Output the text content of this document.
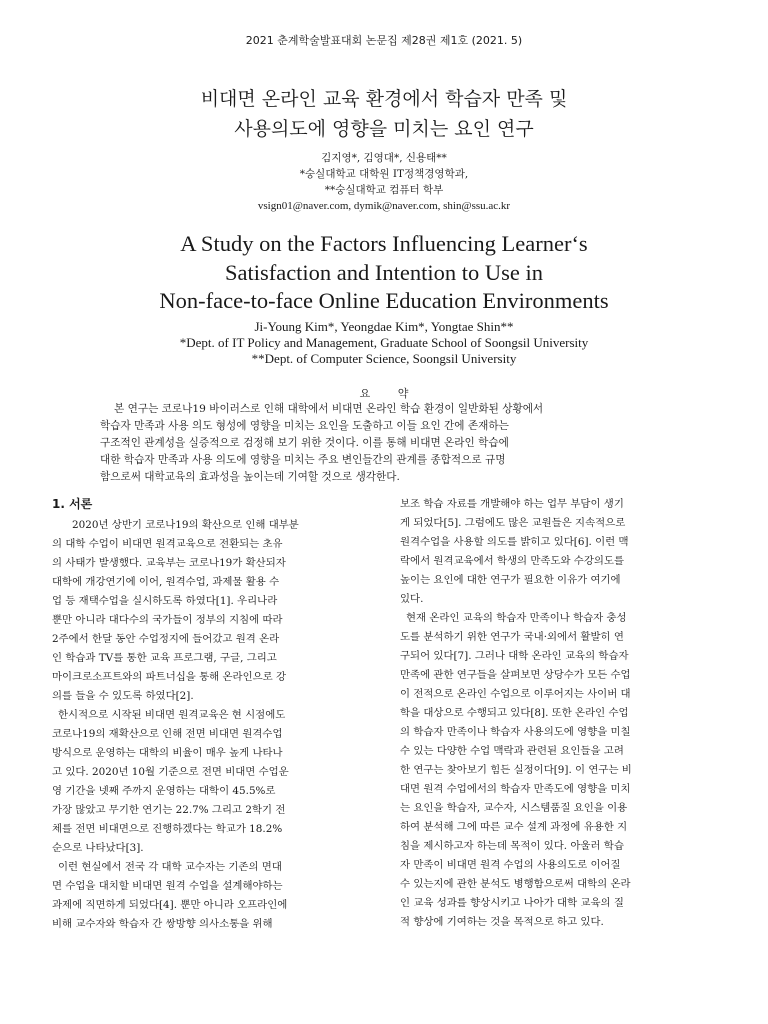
2021 춘계학술발표대회 논문집 제28권 제1호 (2021. 5)
비대면 온라인 교육 환경에서 학습자 만족 및
사용의도에 영향을 미치는 요인 연구
김지영*, 김영대*, 신용태**
*숭실대학교 대학원 IT정책경영학과,
**숭실대학교 컴퓨터 학부
vsign01@naver.com, dymik@naver.com, shin@ssu.ac.kr
A Study on the Factors Influencing Learner‘s
Satisfaction and Intention to Use in
Non-face-to-face Online Education Environments
Ji-Young Kim*, Yeongdae Kim*, Yongtae Shin**
*Dept. of IT Policy and Management, Graduate School of Soongsil University
**Dept. of Computer Science, Soongsil University
요 약
본 연구는 코로나19 바이러스로 인해 대학에서 비대면 온라인 학습 환경이 일반화된 상황에서
학습자 만족과 사용 의도 형성에 영향을 미치는 요인을 도출하고 이들 요인 간에 존재하는
구조적인 관계성을 실증적으로 검정해 보기 위한 것이다. 이를 통해 비대면 온라인 학습에
대한 학습자 만족과 사용 의도에 영향을 미치는 주요 변인들간의 관계를 종합적으로 규명
함으로써 대학교육의 효과성을 높이는데 기여할 것으로 생각한다.
1. 서론

2020년 상반기 코로나19의 확산으로 인해 대부분
의 대학 수업이 비대면 원격교육으로 전환되는 초유
의 사태가 발생했다. 교육부는 코로나19가 확산되자
대학에 개강연기에 이어, 원격수업, 과제물 활용 수
업 등 재택수업을 실시하도록 하였다[1]. 우리나라
뿐만 아니라 대다수의 국가들이 정부의 지침에 따라
2주에서 한달 동안 수업정지에 들어갔고 원격 온라
인 학습과 TV를 통한 교육 프로그램, 구글, 그리고
마이크로소프트와의 파트너십을 통해 온라인으로 강
의를 들을 수 있도록 하였다[2].

한시적으로 시작된 비대면 원격교육은 현 시점에도
코로나19의 재확산으로 인해 전면 비대면 원격수업
방식으로 운영하는 대학의 비율이 매우 높게 나타나
고 있다. 2020년 10월 기준으로 전면 비대면 수업운
영 기간을 넷째 주까지 운영하는 대학이 45.5%로
가장 많았고 무기한 연기는 22.7% 그리고 2학기 전
체를 전면 비대면으로 진행하겠다는 학교가 18.2%
순으로 나타났다[3].

이런 현실에서 전국 각 대학 교수자는 기존의 면대
면 수업을 대치할 비대면 원격 수업을 설계해야하는
과제에 직면하게 되었다[4]. 뿐만 아니라 오프라인에
비해 교수자와 학습자 간 쌍방향 의사소통을 위해

보조 학습 자료를 개발해야 하는 업무 부담이 생기
게 되었다[5]. 그럼에도 많은 교원들은 지속적으로
원격수업을 사용할 의도를 밝히고 있다[6]. 이런 맥
락에서 원격교육에서 학생의 만족도와 수강의도를
높이는 요인에 대한 연구가 필요한 이유가 여기에
있다.

현재 온라인 교육의 학습자 만족이나 학습자 충성
도를 분석하기 위한 연구가 국내·외에서 활발히 연
구되어 있다[7]. 그러나 대학 온라인 교육의 학습자
만족에 관한 연구들을 살펴보면 상당수가 모든 수업
이 전적으로 온라인 수업으로 이루어지는 사이버 대
학을 대상으로 수행되고 있다[8]. 또한 온라인 수업
의 학습자 만족이나 학습자 사용의도에 영향을 미칠
수 있는 다양한 수업 맥락과 관련된 요인들을 고려
한 연구는 찾아보기 힘든 실정이다[9]. 이 연구는 비
대면 원격 수업에서의 학습자 만족도에 영향을 미치
는 요인을 학습자, 교수자, 시스템품질 요인을 이용
하여 분석해 그에 따른 교수 설계 과정에 유용한 지
침을 제시하고자 하는데 목적이 있다. 아울러 학습
자 만족이 비대면 원격 수업의 사용의도로 이어질
수 있는지에 관한 분석도 병행함으로써 대학의 온라
인 교육 성과를 향상시키고 나아가 대학 교육의 질
적 향상에 기여하는 것을 목적으로 하고 있다.
